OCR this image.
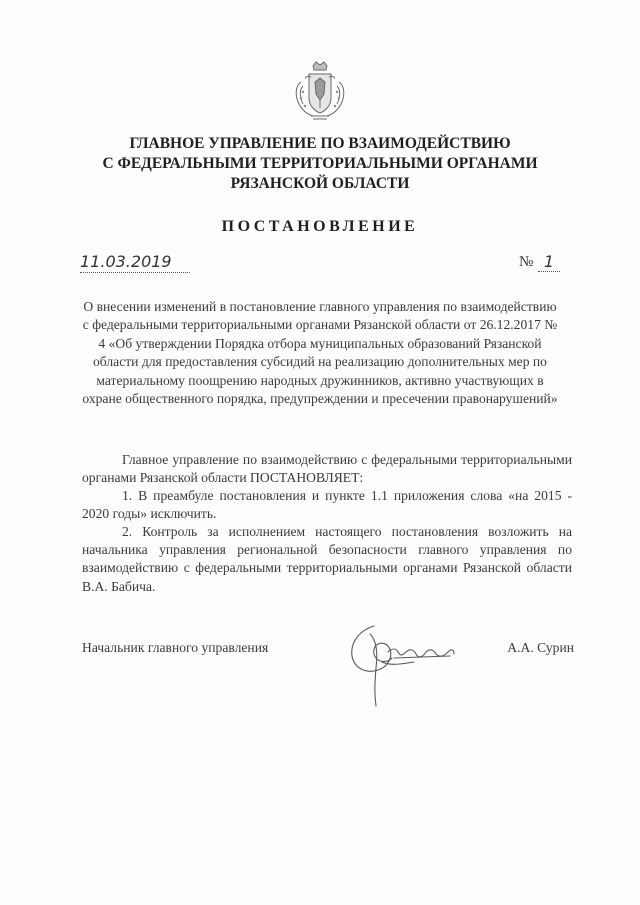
ГЛАВНОЕ УПРАВЛЕНИЕ ПО ВЗАИМОДЕЙСТВИЮ
С ФЕДЕРАЛЬНЫМИ ТЕРРИТОРИАЛЬНЫМИ ОРГАНАМИ
РЯЗАНСКОЙ ОБЛАСТИ
ПОСТАНОВЛЕНИЕ
11.03.2019	№ 1
О внесении изменений в постановление главного управления по взаимодействию с федеральными территориальными органами Рязанской области от 26.12.2017 № 4 «Об утверждении Порядка отбора муниципальных образований Рязанской области для предоставления субсидий на реализацию дополнительных мер по материальному поощрению народных дружинников, активно участвующих в охране общественного порядка, предупреждении и пресечении правонарушений»

Главное управление по взаимодействию с федеральными территориальными органами Рязанской области ПОСТАНОВЛЯЕТ:

1. В преамбуле постановления и пункте 1.1 приложения слова «на 2015 - 2020 годы» исключить.

2. Контроль за исполнением настоящего постановления возложить на начальника управления региональной безопасности главного управления по взаимодействию с федеральными территориальными органами Рязанской области В.А. Бабича.

Начальник главного управления	А.А. Сурин
